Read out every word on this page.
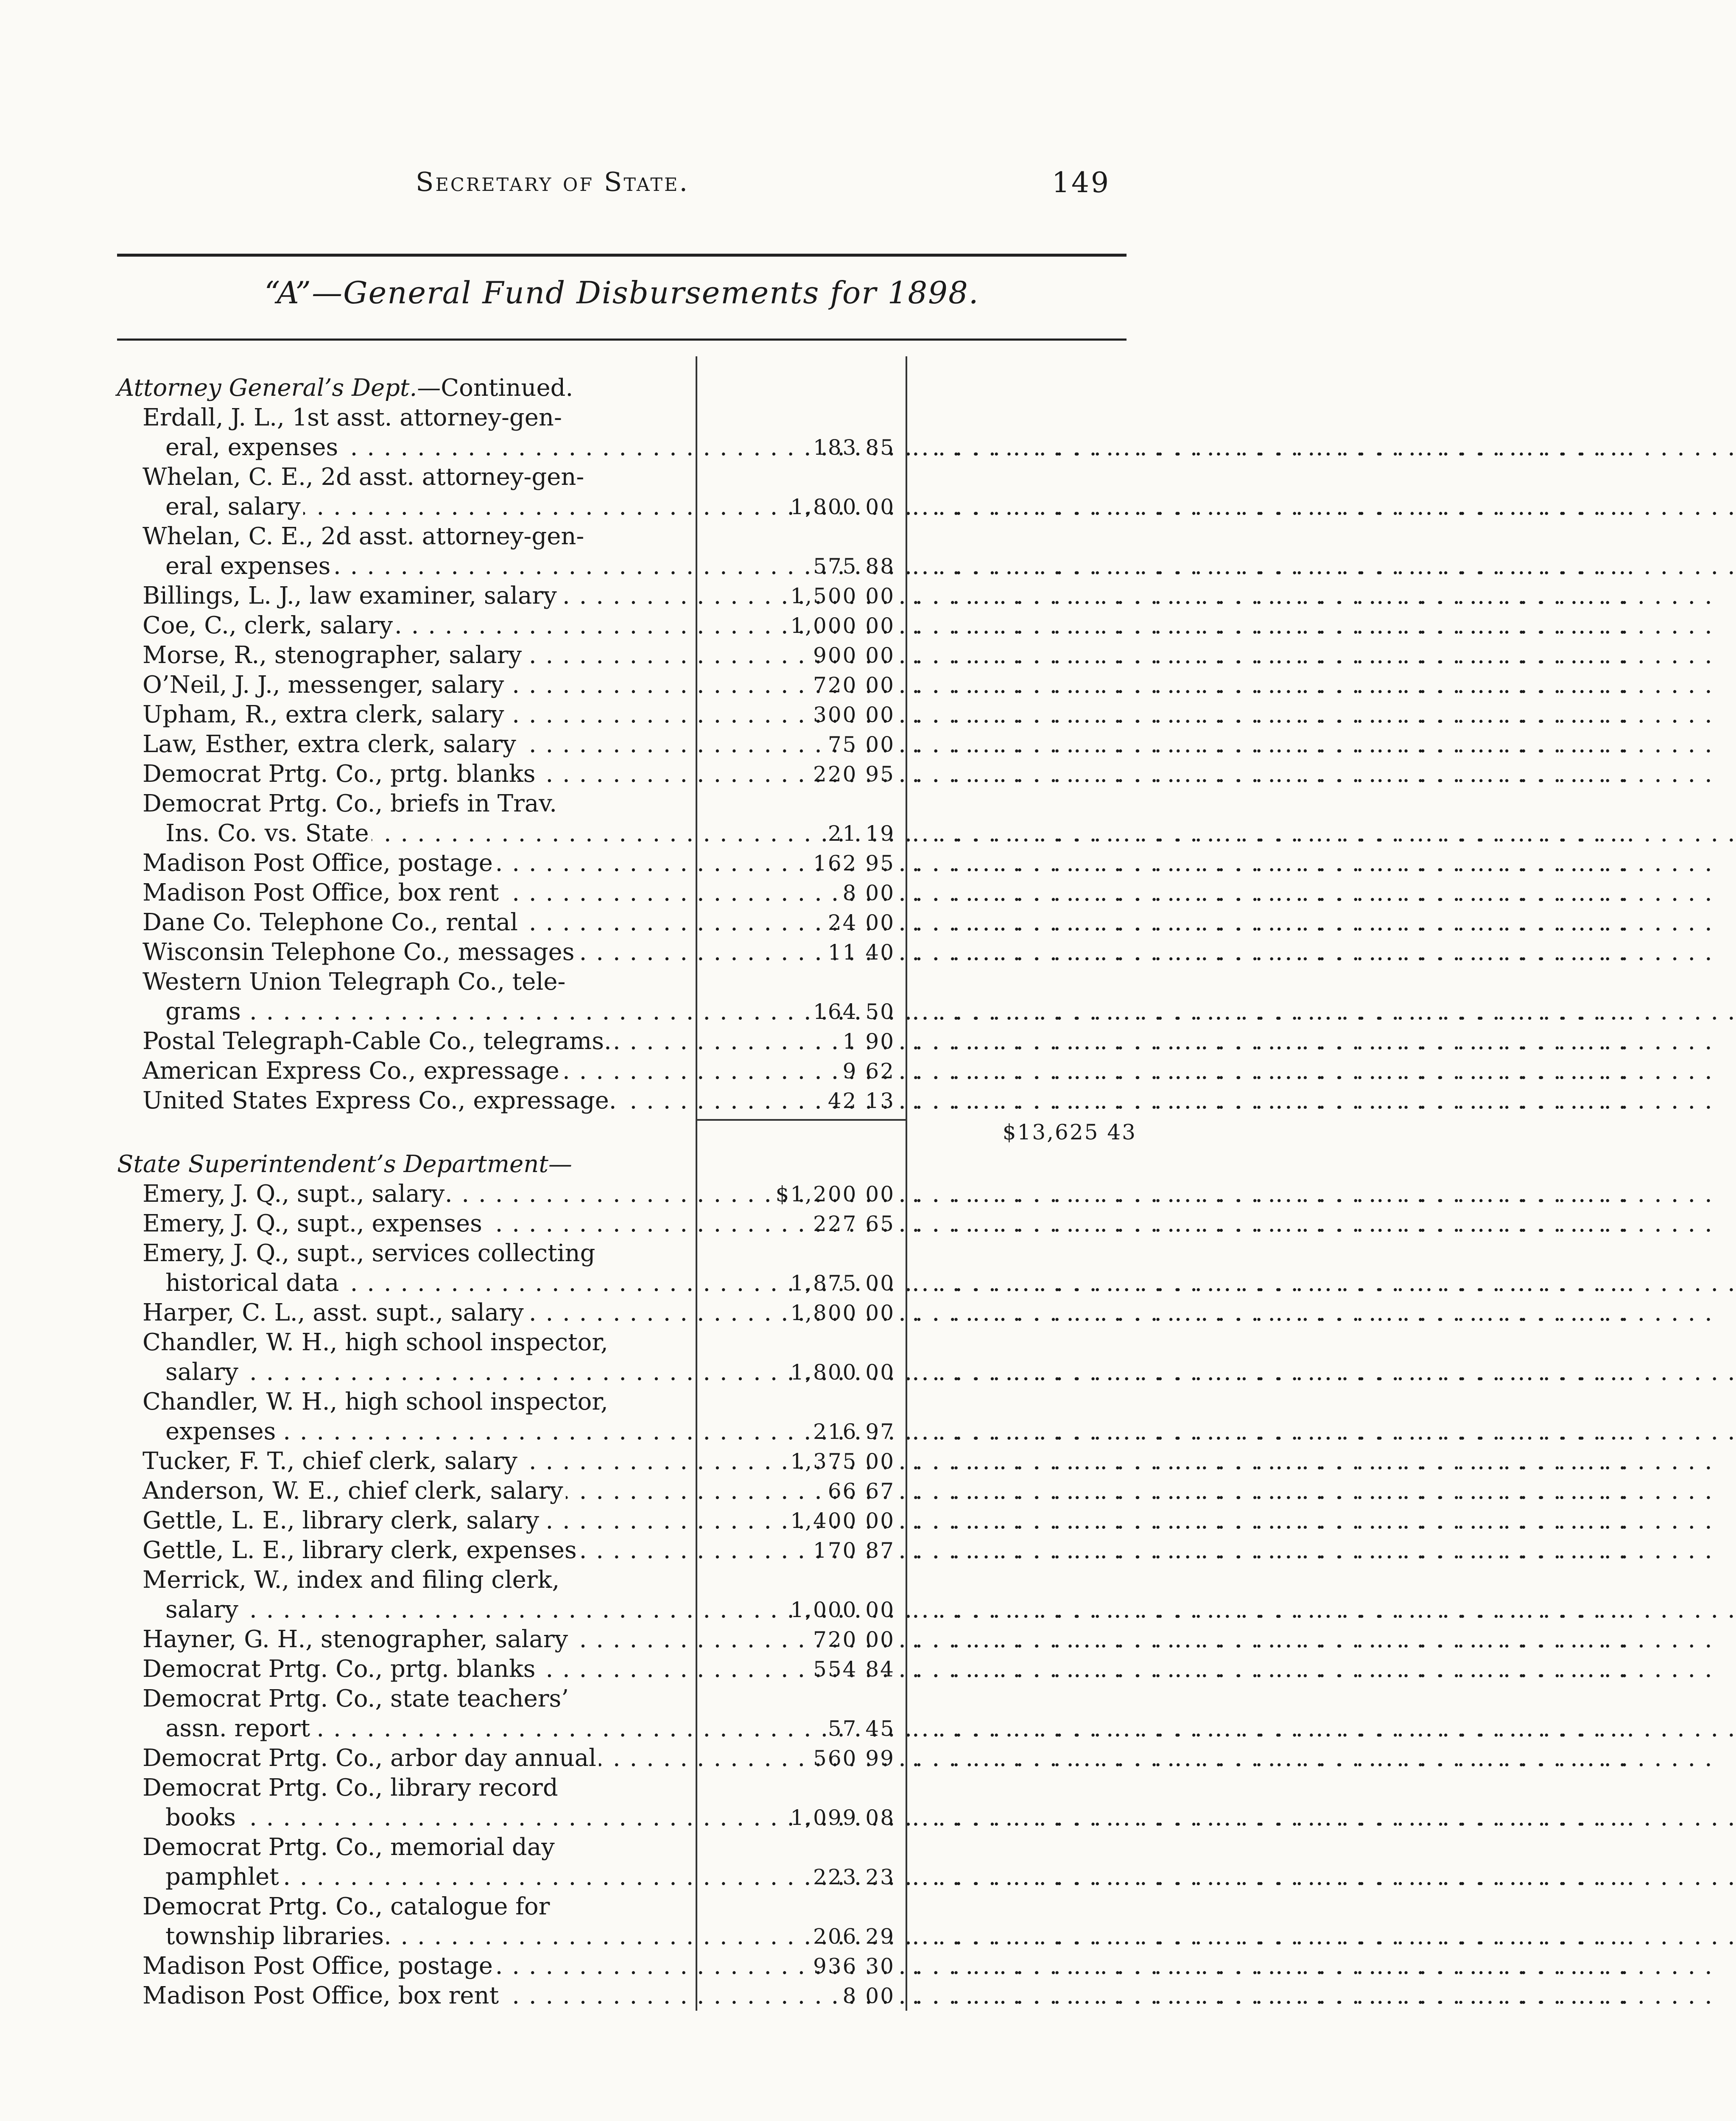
Secretary of State.	149
“A”—General Fund Disbursements for 1898.
Attorney General’s Dept.—Continued.
Erdall, J. L., 1st asst. attorney-gen-
eral, expenses . . .	183 85 . . . . . . . . . . . . . . . . . . . . . . . . . . . . . . . . . . . .
Whelan, C. E., 2d asst. attorney-gen-
eral, salary . . .	1,800 00 . . . . . . . . . . . . . . . . . . . . . . . . . . . . . . . . . . . .
Whelan, C. E., 2d asst. attorney-gen-
eral expenses . . .	575 88 . . . . . . . . . . . . . . . . . . . . . . . . . . . . . . . . . . . .
Billings, L. J., law examiner, salary . . .	1,500 00 . . . . . . . . . . . . . . . . . . . . . . . . . . . . . . . . . . . .
Coe, C., clerk, salary . . .	1,000 00 . . . . . . . . . . . . . . . . . . . . . . . . . . . . . . . . . . . .
Morse, R., stenographer, salary . . .	900 00 . . . . . . . . . . . . . . . . . . . . . . . . . . . . . . . . . . . .
O’Neil, J. J., messenger, salary . . .	720 00 . . . . . . . . . . . . . . . . . . . . . . . . . . . . . . . . . . . .
Upham, R., extra clerk, salary . . .	300 00 . . . . . . . . . . . . . . . . . . . . . . . . . . . . . . . . . . . .
Law, Esther, extra clerk, salary . . .	75 00 . . . . . . . . . . . . . . . . . . . . . . . . . . . . . . . . . . . .
Democrat Prtg. Co., prtg. blanks . . .	220 95 . . . . . . . . . . . . . . . . . . . . . . . . . . . . . . . . . . . .
Democrat Prtg. Co., briefs in Trav.
Ins. Co. vs. State . . .	21 19 . . . . . . . . . . . . . . . . . . . . . . . . . . . . . . . . . . . .
Madison Post Office, postage . . .	162 95 . . . . . . . . . . . . . . . . . . . . . . . . . . . . . . . . . . . .
Madison Post Office, box rent . . .	8 00 . . . . . . . . . . . . . . . . . . . . . . . . . . . . . . . . . . . .
Dane Co. Telephone Co., rental . . .	24 00 . . . . . . . . . . . . . . . . . . . . . . . . . . . . . . . . . . . .
Wisconsin Telephone Co., messages . . .	11 40 . . . . . . . . . . . . . . . . . . . . . . . . . . . . . . . . . . . .
Western Union Telegraph Co., tele-
grams . . .	164 50 . . . . . . . . . . . . . . . . . . . . . . . . . . . . . . . . . . . .
Postal Telegraph-Cable Co., telegrams. . . .	1 90 . . . . . . . . . . . . . . . . . . . . . . . . . . . . . . . . . . . .
American Express Co., expressage . . .	9 62 . . . . . . . . . . . . . . . . . . . . . . . . . . . . . . . . . . . .
United States Express Co., expressage. . . .	42 13 . . . . . . . . . . . . . . . . . . . . . . . . . . . . . . . . . . . .
$13,625 43
State Superintendent’s Department—
Emery, J. Q., supt., salary . . .	$1,200 00 . . . . . . . . . . . . . . . . . . . . . . . . . . . . . . . . . . . .
Emery, J. Q., supt., expenses . . .	227 65 . . . . . . . . . . . . . . . . . . . . . . . . . . . . . . . . . . . .
Emery, J. Q., supt., services collecting
historical data . . .	1,875 00 . . . . . . . . . . . . . . . . . . . . . . . . . . . . . . . . . . . .
Harper, C. L., asst. supt., salary . . .	1,800 00 . . . . . . . . . . . . . . . . . . . . . . . . . . . . . . . . . . . .
Chandler, W. H., high school inspector,
salary . . .	1,800 00 . . . . . . . . . . . . . . . . . . . . . . . . . . . . . . . . . . . .
Chandler, W. H., high school inspector,
expenses . . .	216 97 . . . . . . . . . . . . . . . . . . . . . . . . . . . . . . . . . . . .
Tucker, F. T., chief clerk, salary . . .	1,375 00 . . . . . . . . . . . . . . . . . . . . . . . . . . . . . . . . . . . .
Anderson, W. E., chief clerk, salary . . .	66 67 . . . . . . . . . . . . . . . . . . . . . . . . . . . . . . . . . . . .
Gettle, L. E., library clerk, salary . . .	1,400 00 . . . . . . . . . . . . . . . . . . . . . . . . . . . . . . . . . . . .
Gettle, L. E., library clerk, expenses . . .	170 87 . . . . . . . . . . . . . . . . . . . . . . . . . . . . . . . . . . . .
Merrick, W., index and filing clerk,
salary . . .	1,000 00 . . . . . . . . . . . . . . . . . . . . . . . . . . . . . . . . . . . .
Hayner, G. H., stenographer, salary . . .	720 00 . . . . . . . . . . . . . . . . . . . . . . . . . . . . . . . . . . . .
Democrat Prtg. Co., prtg. blanks . . .	554 84 . . . . . . . . . . . . . . . . . . . . . . . . . . . . . . . . . . . .
Democrat Prtg. Co., state teachers’
assn. report . . .	57 45 . . . . . . . . . . . . . . . . . . . . . . . . . . . . . . . . . . . .
Democrat Prtg. Co., arbor day annual . . .	560 99 . . . . . . . . . . . . . . . . . . . . . . . . . . . . . . . . . . . .
Democrat Prtg. Co., library record
books . . .	1,099 08 . . . . . . . . . . . . . . . . . . . . . . . . . . . . . . . . . . . .
Democrat Prtg. Co., memorial day
pamphlet . . .	223 23 . . . . . . . . . . . . . . . . . . . . . . . . . . . . . . . . . . . .
Democrat Prtg. Co., catalogue for
township libraries . . .	206 29 . . . . . . . . . . . . . . . . . . . . . . . . . . . . . . . . . . . .
Madison Post Office, postage . . .	936 30 . . . . . . . . . . . . . . . . . . . . . . . . . . . . . . . . . . . .
Madison Post Office, box rent . . .	8 00 . . . . . . . . . . . . . . . . . . . . . . . . . . . . . . . . . . . .
